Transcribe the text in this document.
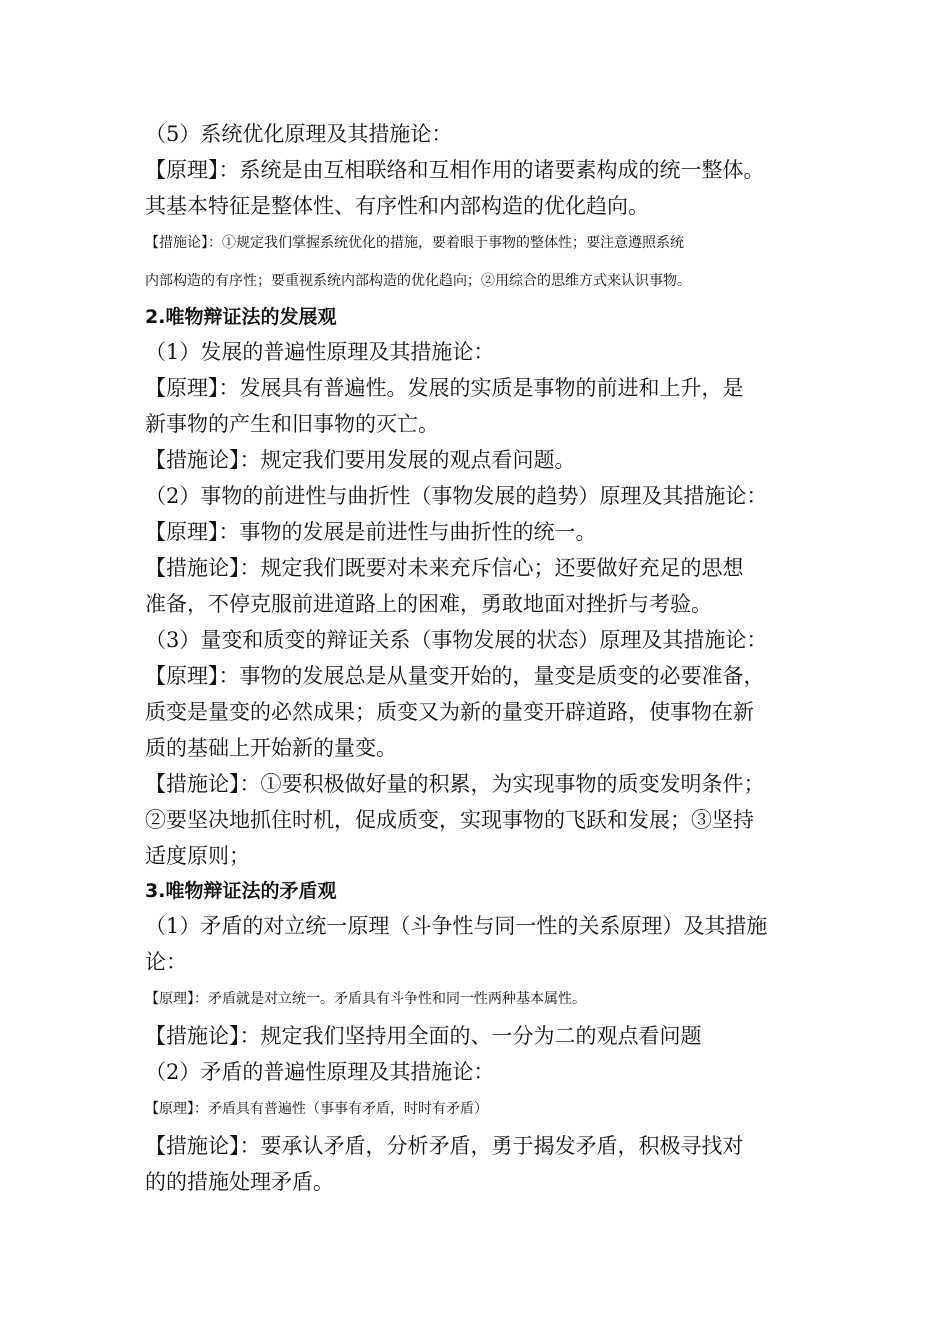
（5）系统优化原理及其措施论：

【原理】：系统是由互相联络和互相作用的诸要素构成的统一整体。

其基本特征是整体性、有序性和内部构造的优化趋向。

【措施论】：①规定我们掌握系统优化的措施，要着眼于事物的整体性；要注意遵照系统

内部构造的有序性；要重视系统内部构造的优化趋向；②用综合的思维方式来认识事物。

2.唯物辩证法的发展观

（1）发展的普遍性原理及其措施论：

【原理】：发展具有普遍性。发展的实质是事物的前进和上升，是

新事物的产生和旧事物的灭亡。

【措施论】：规定我们要用发展的观点看问题。

（2）事物的前进性与曲折性（事物发展的趋势）原理及其措施论：

【原理】：事物的发展是前进性与曲折性的统一。

【措施论】：规定我们既要对未来充斥信心；还要做好充足的思想

准备，不停克服前进道路上的困难，勇敢地面对挫折与考验。

（3）量变和质变的辩证关系（事物发展的状态）原理及其措施论：

【原理】：事物的发展总是从量变开始的，量变是质变的必要准备，

质变是量变的必然成果；质变又为新的量变开辟道路，使事物在新

质的基础上开始新的量变。

【措施论】：①要积极做好量的积累，为实现事物的质变发明条件；

②要坚决地抓住时机，促成质变，实现事物的飞跃和发展；③坚持

适度原则；

3.唯物辩证法的矛盾观

（1）矛盾的对立统一原理（斗争性与同一性的关系原理）及其措施

论：

【原理】：矛盾就是对立统一。矛盾具有斗争性和同一性两种基本属性。

【措施论】：规定我们坚持用全面的、一分为二的观点看问题

（2）矛盾的普遍性原理及其措施论：

【原理】：矛盾具有普遍性（事事有矛盾，时时有矛盾）

【措施论】：要承认矛盾，分析矛盾，勇于揭发矛盾，积极寻找对

的的措施处理矛盾。
